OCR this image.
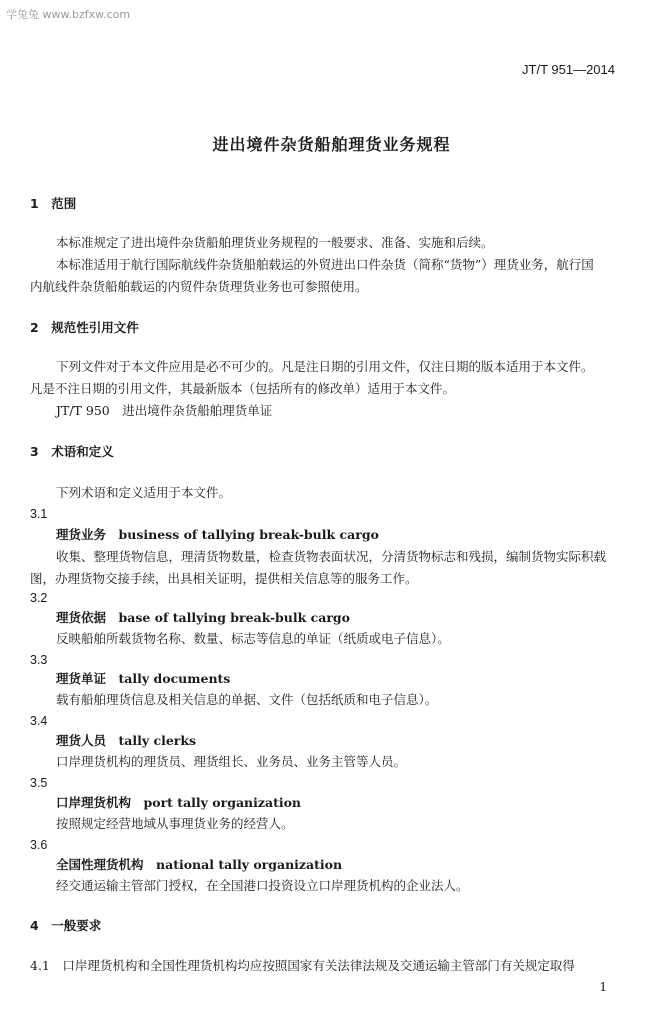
学兔兔 www.bzfxw.com
JT/T 951—2014
进出境件杂货船舶理货业务规程
1　范围
本标准规定了进出境件杂货船舶理货业务规程的一般要求、准备、实施和后续。
本标准适用于航行国际航线件杂货船舶载运的外贸进出口件杂货（简称“货物”）理货业务，航行国
内航线件杂货船舶载运的内贸件杂货理货业务也可参照使用。
2　规范性引用文件
下列文件对于本文件应用是必不可少的。凡是注日期的引用文件，仅注日期的版本适用于本文件。
凡是不注日期的引用文件，其最新版本（包括所有的修改单）适用于本文件。
JT/T 950　进出境件杂货船舶理货单证
3　术语和定义
下列术语和定义适用于本文件。
3.1
理货业务　business of tallying break-bulk cargo
收集、整理货物信息，理清货物数量，检查货物表面状况，分清货物标志和残损，编制货物实际积载
图，办理货物交接手续，出具相关证明，提供相关信息等的服务工作。
3.2
理货依据　base of tallying break-bulk cargo
反映船舶所载货物名称、数量、标志等信息的单证（纸质或电子信息）。
3.3
理货单证　tally documents
载有船舶理货信息及相关信息的单据、文件（包括纸质和电子信息）。
3.4
理货人员　tally clerks
口岸理货机构的理货员、理货组长、业务员、业务主管等人员。
3.5
口岸理货机构　port tally organization
按照规定经营地域从事理货业务的经营人。
3.6
全国性理货机构　national tally organization
经交通运输主管部门授权，在全国港口投资设立口岸理货机构的企业法人。
4　一般要求
4.1　口岸理货机构和全国性理货机构均应按照国家有关法律法规及交通运输主管部门有关规定取得
1
